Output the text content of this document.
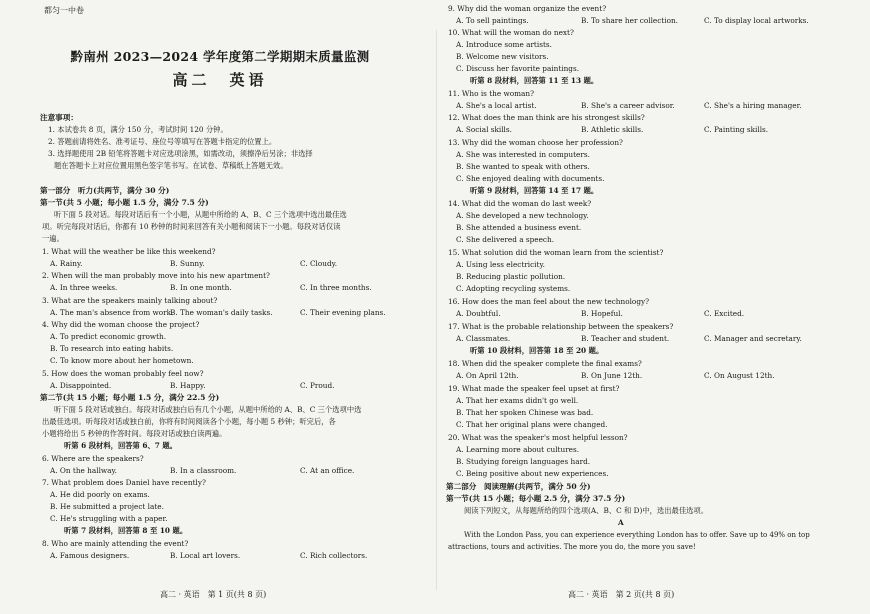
都匀一中卷
黔南州 2023—2024 学年度第二学期期末质量监测
高二　英语
注意事项：
1. 本试卷共 8 页，满分 150 分，考试时间 120 分钟。
2. 答题前请将姓名、准考证号、座位号等填写在答题卡指定的位置上。
3. 选择题使用 2B 铅笔将答题卡对应选项涂黑，如需改动，须擦净后另涂；非选择
题在答题卡上对应位置用黑色签字笔书写。在试卷、草稿纸上答题无效。
第一部分　听力(共两节，满分 30 分)
第一节(共 5 小题；每小题 1.5 分，满分 7.5 分)
听下面 5 段对话。每段对话后有一个小题，从题中所给的 A、B、C 三个选项中选出最佳选
项。听完每段对话后，你都有 10 秒钟的时间来回答有关小题和阅读下一小题。每段对话仅读
一遍。
1. What will the weather be like this weekend?
A. Rainy.	B. Sunny.	C. Cloudy.
2. When will the man probably move into his new apartment?
A. In three weeks.	B. In one month.	C. In three months.
3. What are the speakers mainly talking about?
A. The man's absence from work.
B. The woman's daily tasks.	C. Their evening plans.
4. Why did the woman choose the project?
A. To predict economic growth.
B. To research into eating habits.
C. To know more about her hometown.
5. How does the woman probably feel now?
A. Disappointed.	B. Happy.	C. Proud.
第二节(共 15 小题；每小题 1.5 分，满分 22.5 分)
听下面 5 段对话或独白。每段对话或独白后有几个小题，从题中所给的 A、B、C 三个选项中选
出最佳选项。听每段对话或独白前，你将有时间阅读各个小题，每小题 5 秒钟；听完后，各
小题将给出 5 秒钟的作答时间。每段对话或独白读两遍。
听第 6 段材料，回答第 6、7 题。
6. Where are the speakers?
A. On the hallway.	B. In a classroom.	C. At an office.
7. What problem does Daniel have recently?
A. He did poorly on exams.
B. He submitted a project late.
C. He's struggling with a paper.
听第 7 段材料，回答第 8 至 10 题。
8. Who are mainly attending the event?
A. Famous designers.	B. Local art lovers.	C. Rich collectors.
高二 · 英语　第 1 页(共 8 页)
9. Why did the woman organize the event?
A. To sell paintings.	B. To share her collection.	C. To display local artworks.
10. What will the woman do next?
A. Introduce some artists.
B. Welcome new visitors.
C. Discuss her favorite paintings.
听第 8 段材料，回答第 11 至 13 题。
11. Who is the woman?
A. She's a local artist.	B. She's a career advisor.	C. She's a hiring manager.
12. What does the man think are his strongest skills?
A. Social skills.	B. Athletic skills.	C. Painting skills.
13. Why did the woman choose her profession?
A. She was interested in computers.
B. She wanted to speak with others.
C. She enjoyed dealing with documents.
听第 9 段材料，回答第 14 至 17 题。
14. What did the woman do last week?
A. She developed a new technology.
B. She attended a business event.
C. She delivered a speech.
15. What solution did the woman learn from the scientist?
A. Using less electricity.
B. Reducing plastic pollution.
C. Adopting recycling systems.
16. How does the man feel about the new technology?
A. Doubtful.	B. Hopeful.	C. Excited.
17. What is the probable relationship between the speakers?
A. Classmates.	B. Teacher and student.	C. Manager and secretary.
听第 10 段材料，回答第 18 至 20 题。
18. When did the speaker complete the final exams?
A. On April 12th.	B. On June 12th.	C. On August 12th.
19. What made the speaker feel upset at first?
A. That her exams didn't go well.
B. That her spoken Chinese was bad.
C. That her original plans were changed.
20. What was the speaker's most helpful lesson?
A. Learning more about cultures.
B. Studying foreign languages hard.
C. Being positive about new experiences.
第二部分　阅读理解(共两节，满分 50 分)
第一节(共 15 小题；每小题 2.5 分，满分 37.5 分)
阅读下列短文，从每题所给的四个选项(A、B、C 和 D)中，选出最佳选项。
A
With the London Pass, you can experience everything London has to offer. Save up to 49% on top
attractions, tours and activities. The more you do, the more you save!
高二 · 英语　第 2 页(共 8 页)
